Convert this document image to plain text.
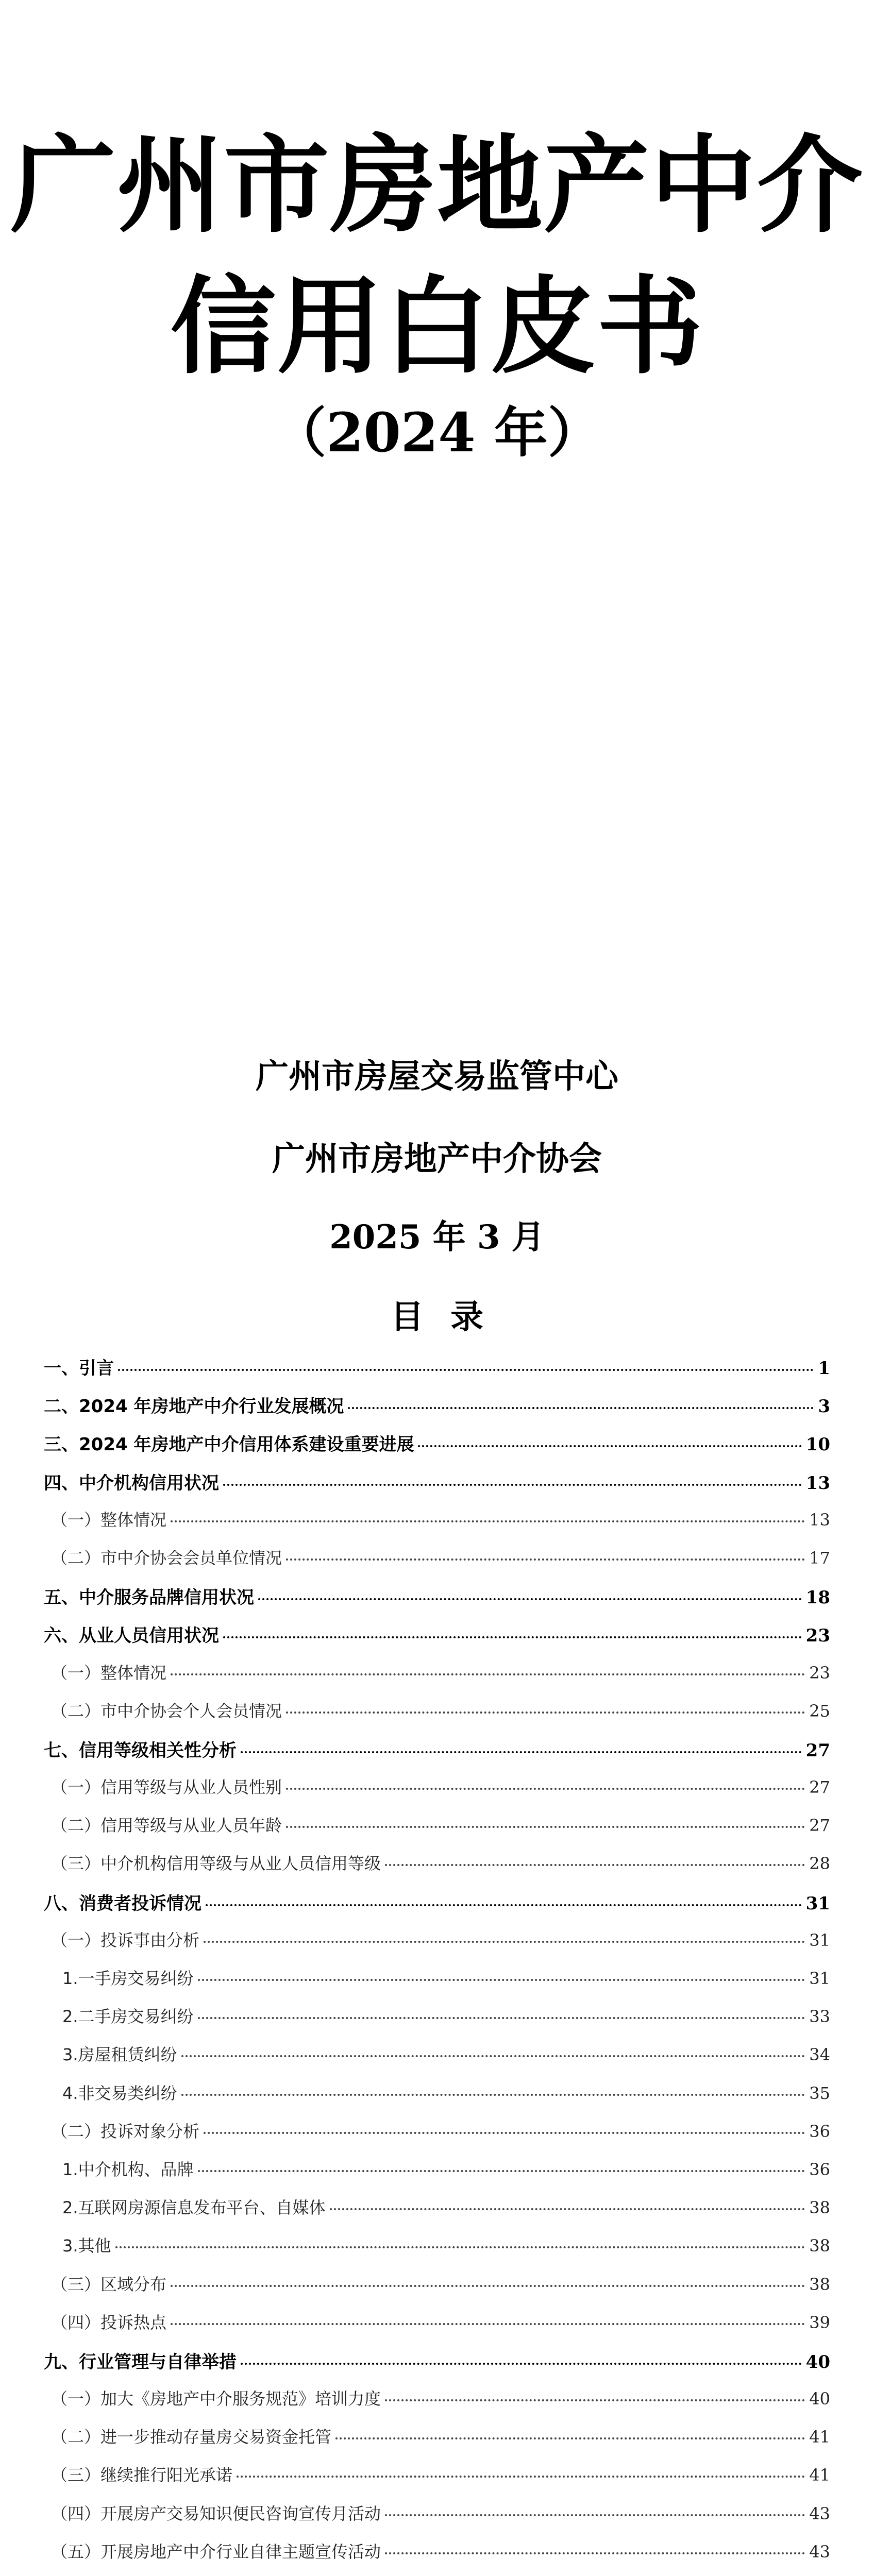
广州市房地产中介
信用白皮书
（2024 年）
广州市房屋交易监管中心
广州市房地产中介协会
2025 年 3 月
目录
一、引言	1
二、2024 年房地产中介行业发展概况	3
三、2024 年房地产中介信用体系建设重要进展	10
四、中介机构信用状况	13
（一）整体情况	13
（二）市中介协会会员单位情况	17
五、中介服务品牌信用状况	18
六、从业人员信用状况	23
（一）整体情况	23
（二）市中介协会个人会员情况	25
七、信用等级相关性分析	27
（一）信用等级与从业人员性别	27
（二）信用等级与从业人员年龄	27
（三）中介机构信用等级与从业人员信用等级	28
八、消费者投诉情况	31
（一）投诉事由分析	31
1.一手房交易纠纷	31
2.二手房交易纠纷	33
3.房屋租赁纠纷	34
4.非交易类纠纷	35
（二）投诉对象分析	36
1.中介机构、品牌	36
2.互联网房源信息发布平台、自媒体	38
3.其他	38
（三）区域分布	38
（四）投诉热点	39
九、行业管理与自律举措	40
（一）加大《房地产中介服务规范》培训力度	40
（二）进一步推动存量房交易资金托管	41
（三）继续推行阳光承诺	41
（四）开展房产交易知识便民咨询宣传月活动	43
（五）开展房地产中介行业自律主题宣传活动	43
